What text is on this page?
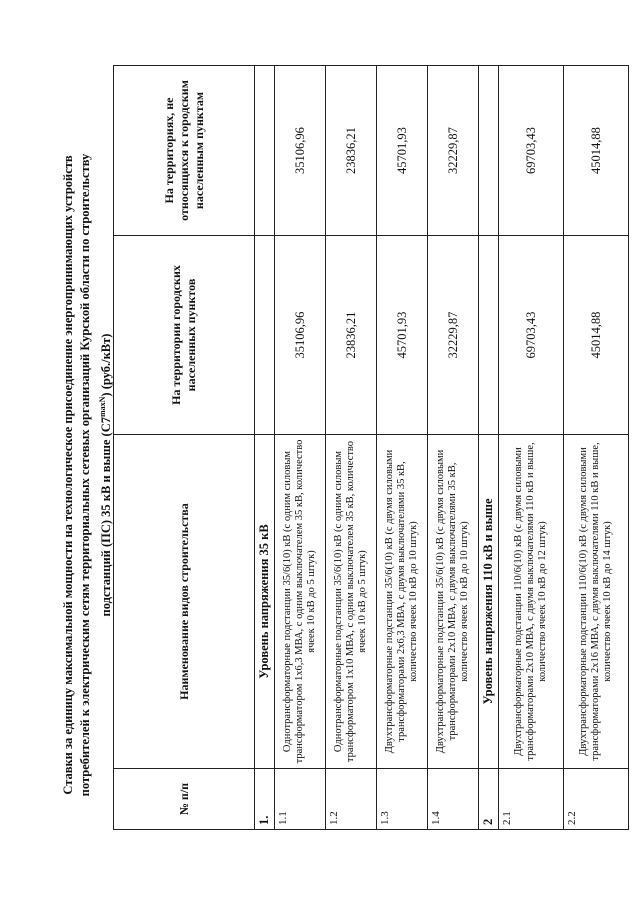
Ставки за единицу максимальной мощности на технологическое присоединение энергопринимающих устройств потребителей к электрическим сетям территориальных сетевых организаций Курской области по строительству подстанций (ПС) 35 кВ и выше $(C7^{maxN})$ (руб./кВт)
№ п/п	Наименование видов строительства	На территории городских населенных пунктов	На территориях, не относящихся к городским населенным пунктам
1.	Уровень напряжения 35 кВ		
1.1	Однотрансформаторные подстанции 35/6(10) кВ (с одним силовым трансформатором 1х6,3 МВА, с одним выключателем 35 кВ, количество ячеек 10 кВ до 5 штук)	35106,96	35106,96
1.2	Однотрансформаторные подстанции 35/6(10) кВ (с одним силовым трансформатором 1х10 МВА, с одним выключателем 35 кВ, количество ячеек 10 кВ до 5 штук)	23836,21	23836,21
1.3	Двухтрансформаторные подстанции 35/6(10) кВ (с двумя силовыми трансформаторами 2х6,3 МВА, с двумя выключателями 35 кВ, количество ячеек 10 кВ до 10 штук)	45701,93	45701,93
1.4	Двухтрансформаторные подстанции 35/6(10) кВ (с двумя силовыми трансформаторами 2х10 МВА, с двумя выключателями 35 кВ, количество ячеек 10 кВ до 10 штук)	32229,87	32229,87
2	Уровень напряжения 110 кВ и выше		
2.1	Двухтрансформаторные подстанции 110/6(10) кВ (с двумя силовыми трансформаторами 2х10 МВА, с двумя выключателями 110 кВ и выше, количество ячеек 10 кВ до 12 штук)	69703,43	69703,43
2.2	Двухтрансформаторные подстанции 110/6(10) кВ (с двумя силовыми трансформаторами 2х16 МВА, с двумя выключателями 110 кВ и выше, количество ячеек 10 кВ до 14 штук)	45014,88	45014,88
